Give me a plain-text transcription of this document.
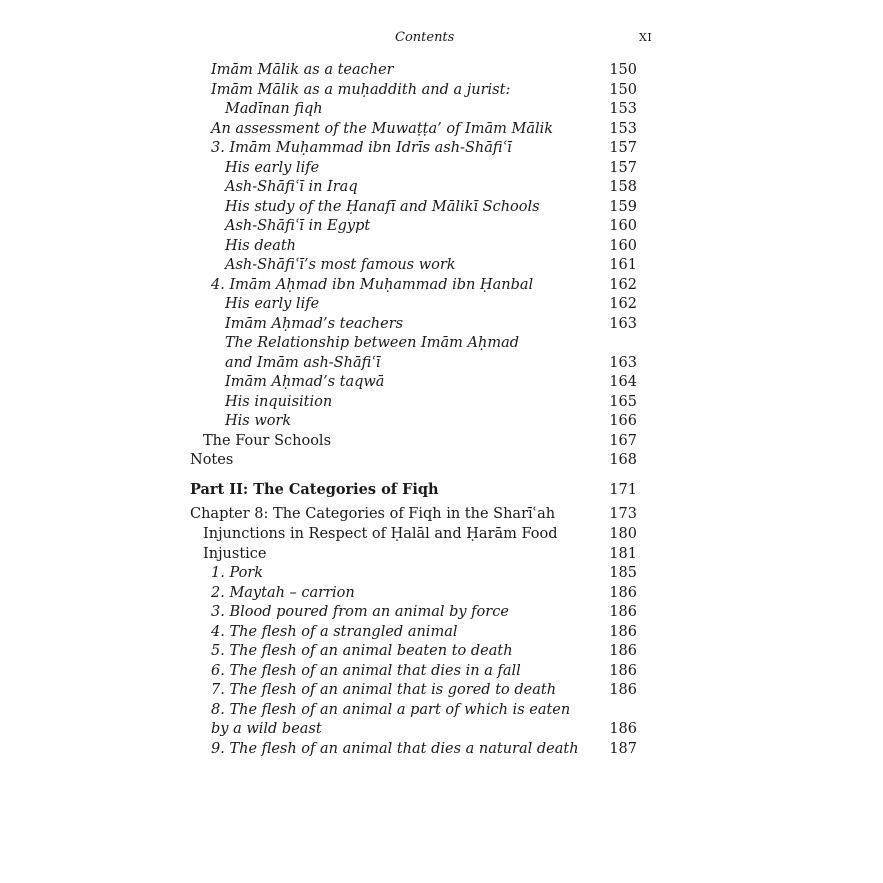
Contents	XI
Imām Mālik as a teacher	150
Imām Mālik as a muḥaddith and a jurist:	150
Madīnan fiqh	153
An assessment of the Muwaṭṭa’ of Imām Mālik	153
3. Imām Muḥammad ibn Idrīs ash-Shāfiʿī	157
His early life	157
Ash-Shāfiʿī in Iraq	158
His study of the Ḥanafī and Mālikī Schools	159
Ash-Shāfiʿī in Egypt	160
His death	160
Ash-Shāfiʿī’s most famous work	161
4. Imām Aḥmad ibn Muḥammad ibn Ḥanbal	162
His early life	162
Imām Aḥmad’s teachers	163
The Relationship between Imām Aḥmad
and Imām ash-Shāfiʿī	163
Imām Aḥmad’s taqwā	164
His inquisition	165
His work	166
The Four Schools	167
Notes	168
Part II: The Categories of Fiqh	171
Chapter 8: The Categories of Fiqh in the Sharīʿah	173
Injunctions in Respect of Ḥalāl and Ḥarām Food	180
Injustice	181
1. Pork	185
2. Maytah – carrion	186
3. Blood poured from an animal by force	186
4. The flesh of a strangled animal	186
5. The flesh of an animal beaten to death	186
6. The flesh of an animal that dies in a fall	186
7. The flesh of an animal that is gored to death	186
8. The flesh of an animal a part of which is eaten
by a wild beast	186
9. The flesh of an animal that dies a natural death 187
